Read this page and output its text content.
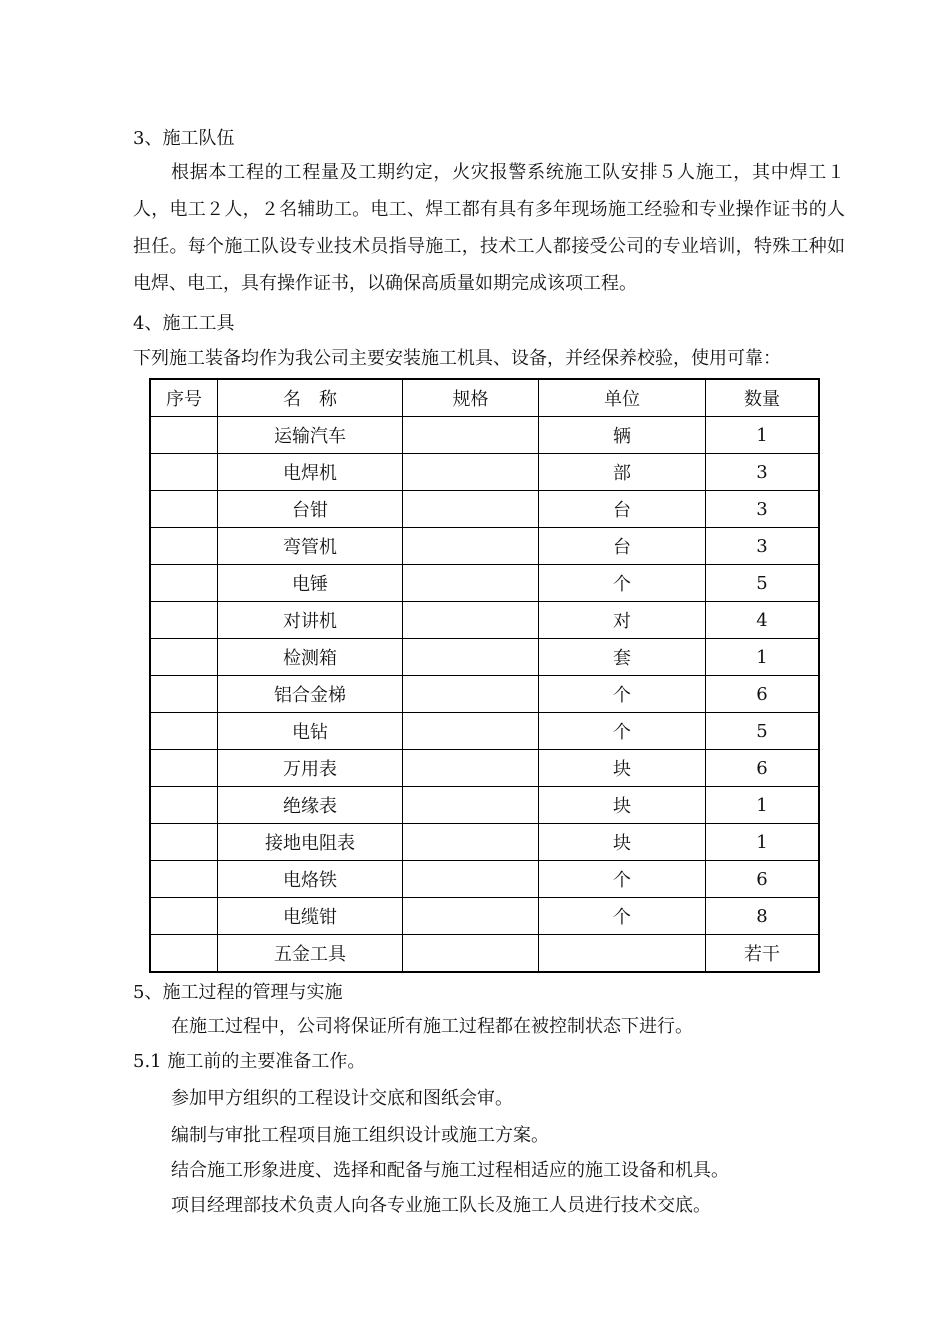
3、施工队伍
根据本工程的工程量及工期约定，火灾报警系统施工队安排５人施工，其中焊工１人，电工２人，２名辅助工。电工、焊工都有具有多年现场施工经验和专业操作证书的人担任。每个施工队设专业技术员指导施工，技术工人都接受公司的专业培训，特殊工种如电焊、电工，具有操作证书，以确保高质量如期完成该项工程。
4、施工工具
下列施工装备均作为我公司主要安装施工机具、设备，并经保养校验，使用可靠：
序号	名　称	规格	单位	数量
	运输汽车		辆	1
	电焊机		部	3
	台钳		台	3
	弯管机		台	3
	电锤		个	5
	对讲机		对	4
	检测箱		套	1
	铝合金梯		个	6
	电钻		个	5
	万用表		块	6
	绝缘表		块	1
	接地电阻表		块	1
	电烙铁		个	6
	电缆钳		个	8
	五金工具			若干
5、施工过程的管理与实施
在施工过程中，公司将保证所有施工过程都在被控制状态下进行。
5.1 施工前的主要准备工作。
参加甲方组织的工程设计交底和图纸会审。
编制与审批工程项目施工组织设计或施工方案。
结合施工形象进度、选择和配备与施工过程相适应的施工设备和机具。
项目经理部技术负责人向各专业施工队长及施工人员进行技术交底。
